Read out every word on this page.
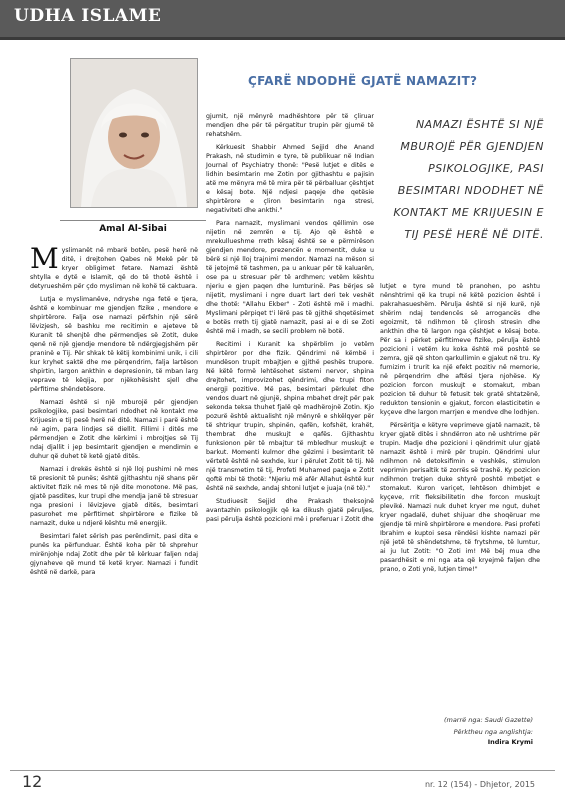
UDHA ISLAME
Amal Al-Sibai
ÇFARË NDODHË GJATË NAMAZIT?
NAMAZI ËSHTË SI NJË MBUROJË PËR GJENDJEN PSIKOLOGJIKE, PASI BESIMTARI NDODHET NË KONTAKT ME KRIJUESIN E TIJ PESË HERË NË DITË.

Myslimanët në mbarë botën, pesë herë në ditë, i drejtohen Qabes në Mekë për të kryer obligimet fetare. Namazi është shtylla e dytë e Islamit, që do të thotë është i detyrueshëm për çdo mysliman në kohë të caktuara.

Lutja e myslimanëve, ndryshe nga fetë e tjera, është e kombinuar me gjendjen fizike , mendore e shpirtërore. Falja ose namazi përfshin një sërë lëvizjesh, së bashku me recitimin e ajeteve të Kuranit të shenjtë dhe përmendjes së Zotit, duke qenë në një gjendje mendore të ndërgjegjshëm për praninë e Tij. Për shkak të këtij kombinimi unik, i cili kur kryhet saktë dhe me përqendrim, falja lartëson shpirtin, largon ankthin e depresionin, të mban larg veprave të këqija, por njëkohësisht sjell dhe përfitime shëndetësore.

Namazi është si një mburojë për gjendjen psikologjike, pasi besimtari ndodhet në kontakt me Krijuesin e tij pesë herë në ditë. Namazi i parë është në agim, para lindjes së diellit. Fillimi i ditës me përmendjen e Zotit dhe kërkimi i mbrojtjes së Tij ndaj djallit i jep besimtarit gjendjen e mendimin e duhur që duhet të ketë gjatë ditës.

Namazi i drekës është si një lloj pushimi në mes të presionit të punës; është gjithashtu një shans për aktivitet fizik në mes të një dite monotone. Më pas, gjatë pasdites, kur trupi dhe mendja janë të stresuar nga presioni i lëvizjeve gjatë ditës, besimtari pasurohet me përfitimet shpirtërore e fizike të namazit, duke u ndjerë kështu më energjik.

Besimtari falet sërish pas perëndimit, pasi dita e punës ka përfunduar. Është koha për të shprehur mirënjohje ndaj Zotit dhe për të kërkuar faljen ndaj gjynaheve që mund të ketë kryer. Namazi i fundit është në darkë, para

gjumit, një mënyrë madhështore për të çliruar mendjen dhe për të përgatitur trupin për gjumë të rehatshëm.

Kërkuesit Shabbir Ahmed Sejjid dhe Anand Prakash, në studimin e tyre, të publikuar në Indian Journal of Psychiatry thonë: "Pesë lutjet e ditës e lidhin besimtarin me Zotin por gjithashtu e pajisin atë me mënyra më të mira për të përballuar çështjet e kësaj bote. Një ndjesi paqeje dhe qetësie shpirtërore e çliron besimtarin nga stresi, negativiteti dhe ankthi."

Para namazit, myslimani vendos qëllimin ose nijetin në zemrën e tij. Ajo që është e mrekullueshme rreth kësaj është se e përmirëson gjendjen mendore, prezencën e momentit, duke u bërë si një lloj trajnimi mendor. Namazi na mëson si të jetojmë të tashmen, pa u ankuar për të kaluarën, ose pa u stresuar për të ardhmen; vetëm kështu njeriu e gjen paqen dhe lumturinë. Pas bërjes së nijetit, myslimani i ngre duart lart deri tek veshët dhe thotë: "Allahu Ekber" - Zoti është më i madhi. Myslimani përpiqet t'i lërë pas të gjithë shqetësimet e botës rreth tij gjatë namazit, pasi ai e di se Zoti është më i madh, se secili problem në botë.

Recitimi i Kuranit ka shpërblim jo vetëm shpirtëror por dhe fizik. Qëndrimi në këmbë i mundëson trupit mbajtjen e gjithë peshës trupore. Në këtë formë lehtësohet sistemi nervor, shpina drejtohet, improvizohet qëndrimi, dhe trupi fiton energji pozitive. Më pas, besimtari përkulet dhe vendos duart në gjunjë, shpina mbahet drejt për pak sekonda teksa thuhet fjalë që madhërojnë Zotin. Kjo pozurë është aktualisht një mënyrë e shkëlqyer për të shtriqur trupin, shpinën, qafën, kofshët, krahët, thembrat dhe muskujt e qafës. Gjithashtu funksionon për të mbajtur të mbledhur muskujt e barkut. Momenti kulmor dhe gëzimi i besimtarit të vërtetë është në sexhde, kur i përulet Zotit të tij. Në një transmetim të tij, Profeti Muhamed paqja e Zotit qoftë mbi të thotë: "Njeriu më afër Allahut është kur është në sexhde, andaj shtoni lutjet e juaja (në të)."

Studiuesit Sejjid dhe Prakash theksojnë avantazhin psikologjik që ka dikush gjatë përuljes, pasi përulja është pozicioni më i preferuar i Zotit dhe

lutjet e tyre mund të pranohen, po ashtu nënshtrimi që ka trupi në këtë pozicion është i pakrahasueshëm. Përulja është si një kurë, një shërim ndaj tendencës së arrogancës dhe egoizmit, të ndihmon të çlirosh stresin dhe ankthin dhe të largon nga çështjet e kësaj bote. Për sa i përket përfitimeve fizike, përulja është pozicioni i vetëm ku koka është më poshtë se zemra, gjë që shton qarkullimin e gjakut në tru. Ky furnizim i trurit ka një efekt pozitiv në memorie, në përqendrim dhe aftësi tjera njohëse. Ky pozicion forcon muskujt e stomakut, mban pozicion të duhur të fetusit tek gratë shtatzënë, redukton tensionin e gjakut, forcon elasticitetin e kyçeve dhe largon marrjen e mendve dhe lodhjen.

Përsëritja e këtyre veprimeve gjatë namazit, të kryer gjatë ditës i shndërron ato në ushtrime për trupin. Madje dhe pozicioni i qëndrimit ulur gjatë namazit është i mirë për trupin. Qëndrimi ulur ndihmon në detoksifimin e veshkës, stimulon veprimin perisaltik të zorrës së trashë. Ky pozicion ndihmon tretjen duke shtyrë poshtë mbetjet e stomakut. Kuron variçet, lehtëson dhimbjet e kyçeve, rrit fleksibilitetin dhe forcon muskujt pleviké. Namazi nuk duhet kryer me ngut, duhet kryer ngadalë, duhet shijuar dhe shoqëruar me gjendje të mirë shpirtërore e mendore. Pasi profeti Ibrahim e kuptoi sesa rëndësi kishte namazi për një jetë të shëndetshme, të frytshme, të lumtur, ai ju lut Zotit: "O Zoti im! Më bëj mua dhe pasardhësit e mi nga ata që kryejmë faljen dhe prano, o Zoti ynë, lutjen time!"

(marrë nga: Saudi Gazette)
Përktheu nga anglishtja:
Indira Krymi
12	nr. 12 (154) - Dhjetor, 2015
